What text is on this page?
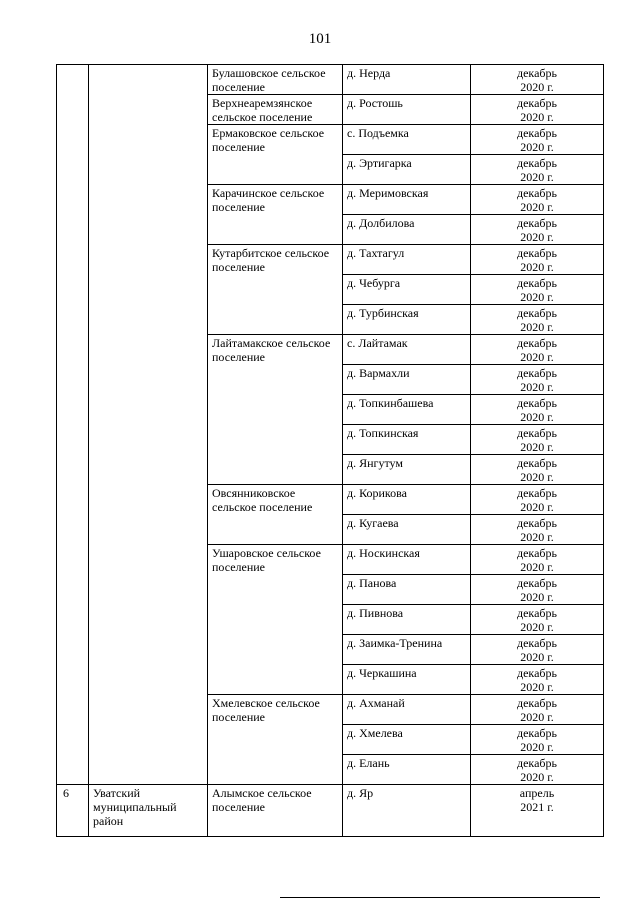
101
		Булашовское сельское поселение	д. Нерда	декабрь
2020 г.

		Верхнеаремзянское сельское поселение	д. Ростошь	декабрь
2020 г.

		Ермаковское сельское поселение	с. Подъемка	декабрь
2020 г.

			д. Эртигарка	декабрь
2020 г.

		Карачинское сельское поселение	д. Меримовская	декабрь
2020 г.

			д. Долбилова	декабрь
2020 г.

		Кутарбитское сельское поселение	д. Тахтагул	декабрь
2020 г.

			д. Чебурга	декабрь
2020 г.

			д. Турбинская	декабрь
2020 г.

		Лайтамакское сельское поселение	с. Лайтамак	декабрь
2020 г.

			д. Вармахли	декабрь
2020 г.

			д. Топкинбашева	декабрь
2020 г.

			д. Топкинская	декабрь
2020 г.

			д. Янгутум	декабрь
2020 г.

		Овсянниковское сельское поселение	д. Корикова	декабрь
2020 г.

			д. Кугаева	декабрь
2020 г.

		Ушаровское сельское поселение	д. Носкинская	декабрь
2020 г.

			д. Панова	декабрь
2020 г.

			д. Пивнова	декабрь
2020 г.

			д. Заимка-Тренина	декабрь
2020 г.

			д. Черкашина	декабрь
2020 г.

		Хмелевское сельское поселение	д. Ахманай	декабрь
2020 г.

			д. Хмелева	декабрь
2020 г.

			д. Елань	декабрь
2020 г.

6	Уватский муниципальный район	Алымское сельское поселение	д. Яр	апрель
2021 г.
